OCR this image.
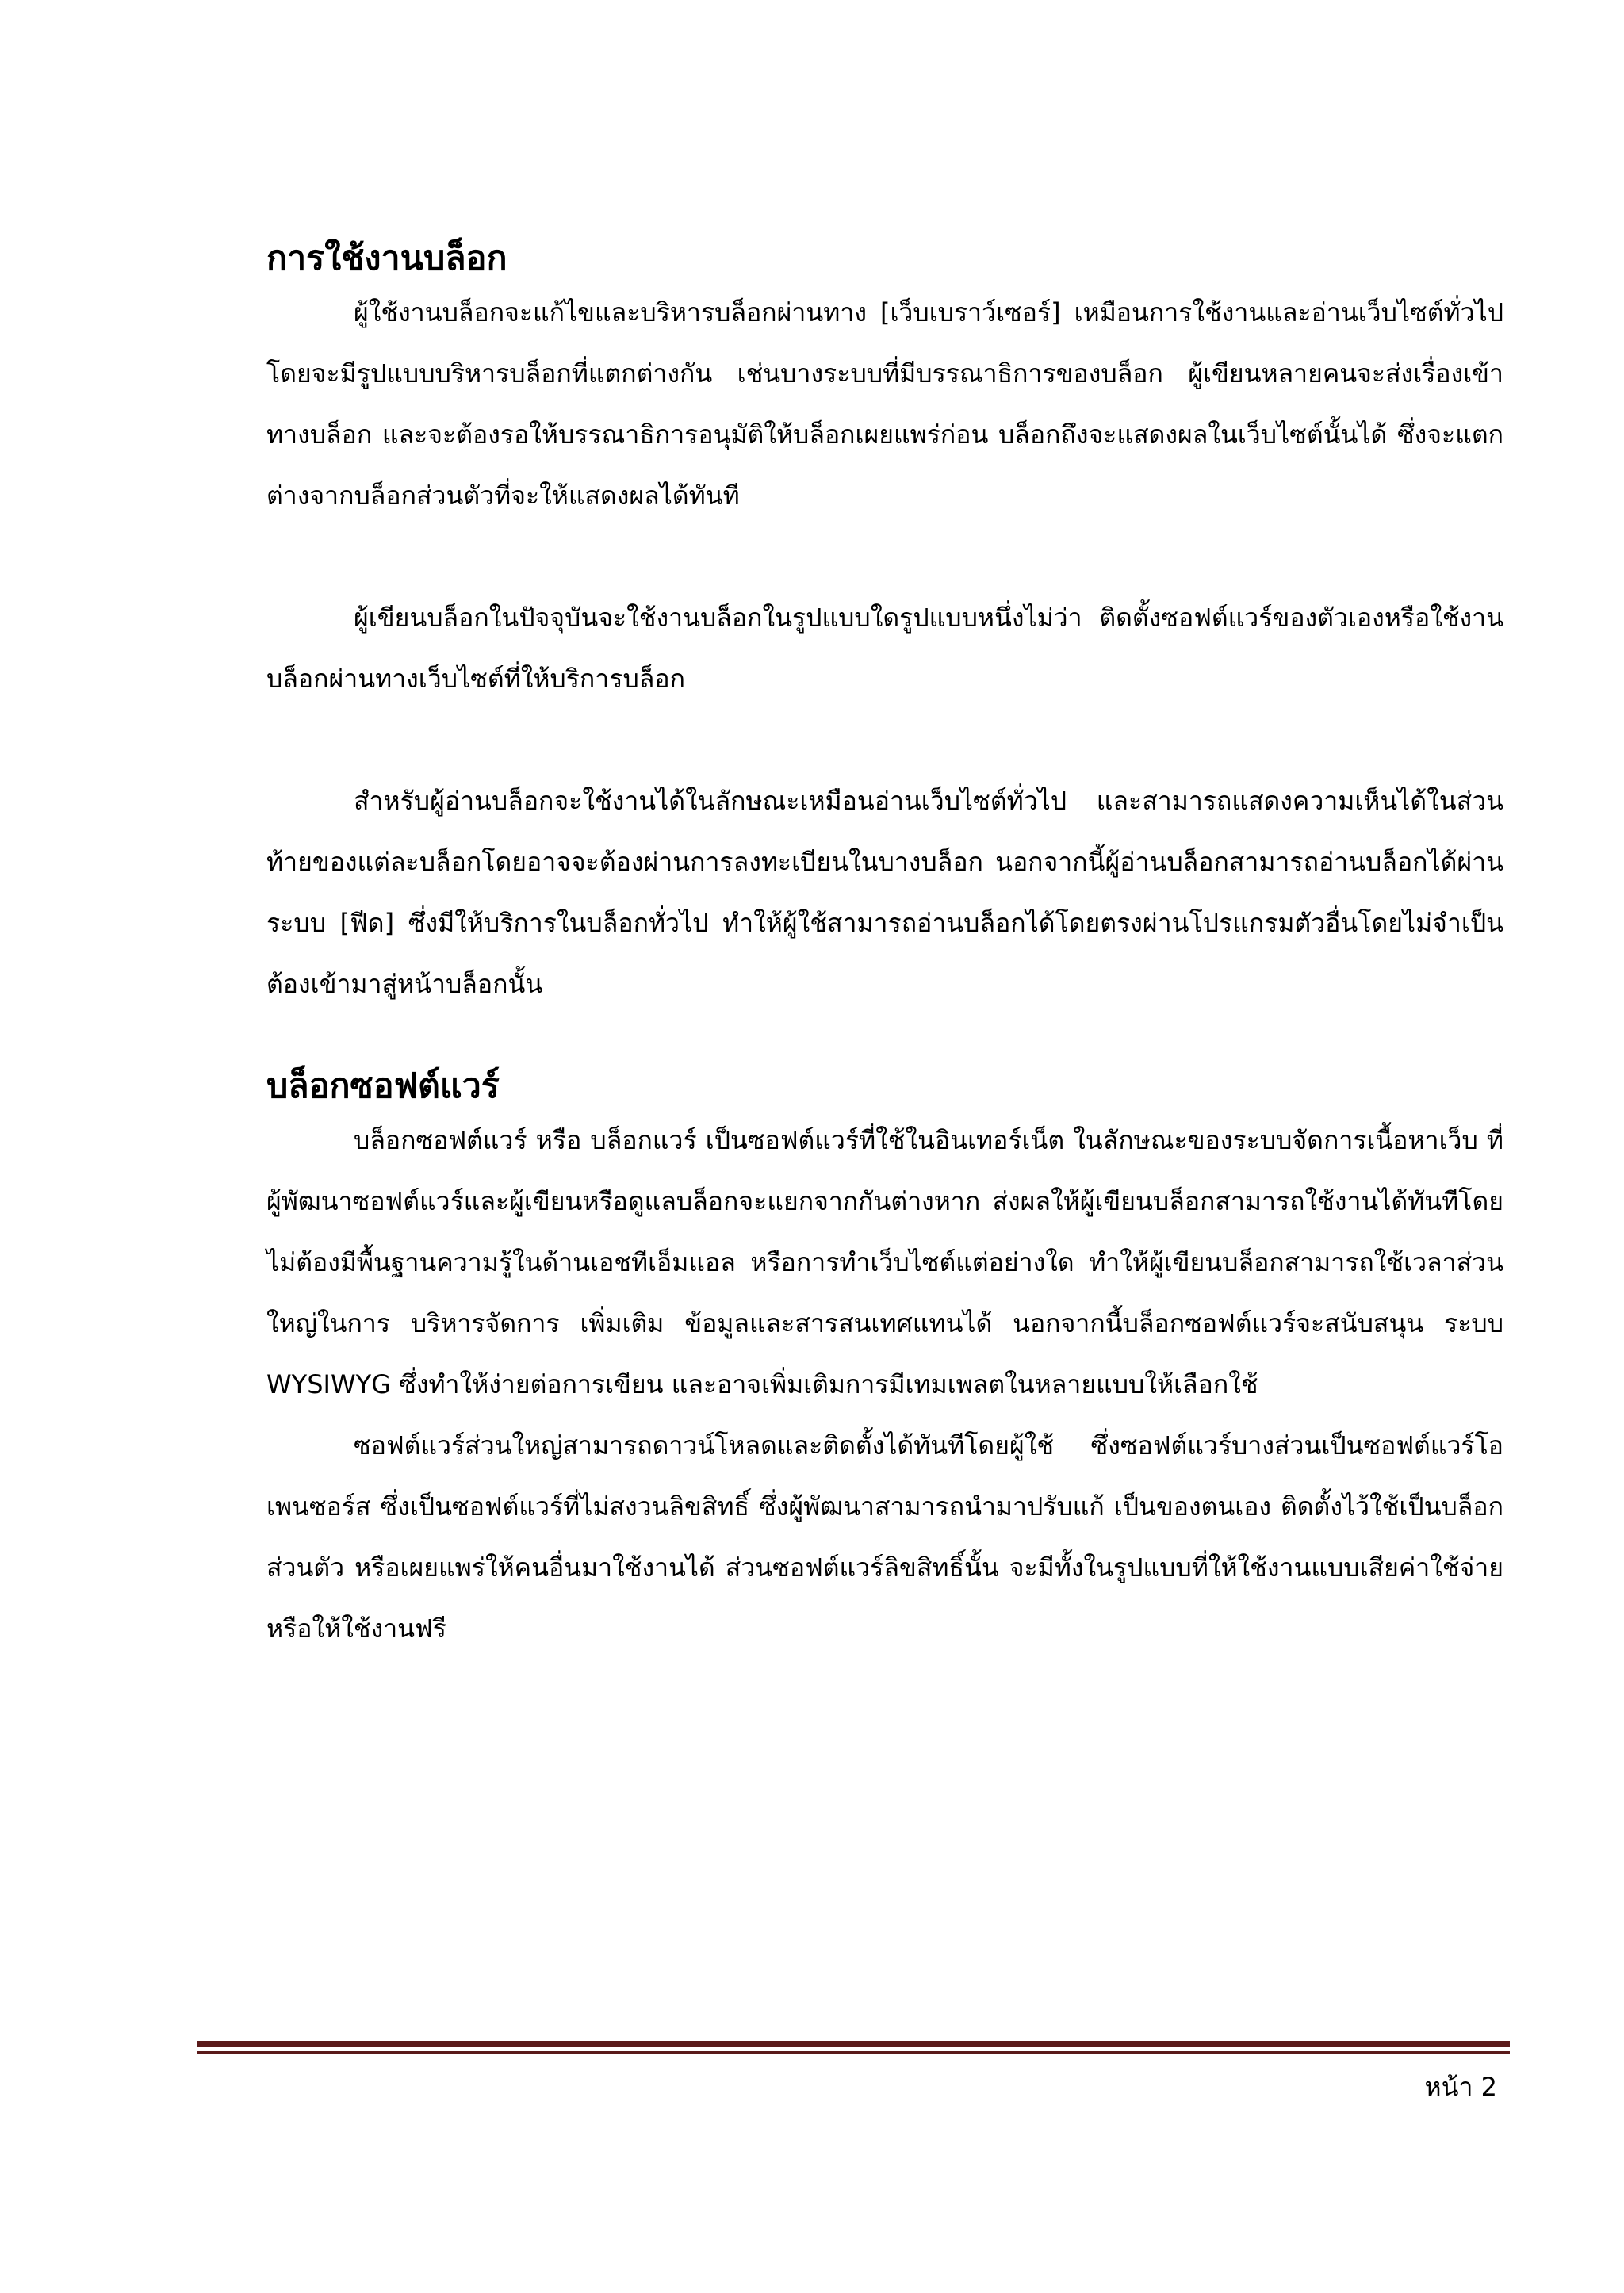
การใช้งานบล็อก

ผู้ใช้งานบล็อกจะแก้ไขและบริหารบล็อกผ่านทาง [เว็บเบราว์เซอร์] เหมือนการใช้งานและอ่านเว็บไซต์ทั่วไป โดยจะมีรูปแบบบริหารบล็อกที่แตกต่างกัน เช่นบางระบบที่มีบรรณาธิการของบล็อก ผู้เขียนหลายคนจะส่งเรื่องเข้าทางบล็อก และจะต้องรอให้บรรณาธิการอนุมัติให้บล็อกเผยแพร่ก่อน บล็อกถึงจะแสดงผลในเว็บไซต์นั้นได้ ซึ่งจะแตกต่างจากบล็อกส่วนตัวที่จะให้แสดงผลได้ทันที

ผู้เขียนบล็อกในปัจจุบันจะใช้งานบล็อกในรูปแบบใดรูปแบบหนึ่งไม่ว่า ติดตั้งซอฟต์แวร์ของตัวเองหรือใช้งานบล็อกผ่านทางเว็บไซต์ที่ให้บริการบล็อก

สำหรับผู้อ่านบล็อกจะใช้งานได้ในลักษณะเหมือนอ่านเว็บไซต์ทั่วไป และสามารถแสดงความเห็นได้ในส่วนท้ายของแต่ละบล็อกโดยอาจจะต้องผ่านการลงทะเบียนในบางบล็อก นอกจากนี้ผู้อ่านบล็อกสามารถอ่านบล็อกได้ผ่านระบบ [ฟีด] ซึ่งมีให้บริการในบล็อกทั่วไป ทำให้ผู้ใช้สามารถอ่านบล็อกได้โดยตรงผ่านโปรแกรมตัวอื่นโดยไม่จำเป็นต้องเข้ามาสู่หน้าบล็อกนั้น

บล็อกซอฟต์แวร์

บล็อกซอฟต์แวร์ หรือ บล็อกแวร์ เป็นซอฟต์แวร์ที่ใช้ในอินเทอร์เน็ต ในลักษณะของระบบจัดการเนื้อหาเว็บ ที่ผู้พัฒนาซอฟต์แวร์และผู้เขียนหรือดูแลบล็อกจะแยกจากกันต่างหาก ส่งผลให้ผู้เขียนบล็อกสามารถใช้งานได้ทันทีโดยไม่ต้องมีพื้นฐานความรู้ในด้านเอชทีเอ็มแอล หรือการทำเว็บไซต์แต่อย่างใด ทำให้ผู้เขียนบล็อกสามารถใช้เวลาส่วนใหญ่ในการ บริหารจัดการ เพิ่มเติม ข้อมูลและสารสนเทศแทนได้ นอกจากนี้บล็อกซอฟต์แวร์จะสนับสนุน ระบบ WYSIWYG ซึ่งทำให้ง่ายต่อการเขียน และอาจเพิ่มเติมการมีเทมเพลตในหลายแบบให้เลือกใช้

ซอฟต์แวร์ส่วนใหญ่สามารถดาวน์โหลดและติดตั้งได้ทันทีโดยผู้ใช้ ซึ่งซอฟต์แวร์บางส่วนเป็นซอฟต์แวร์โอเพนซอร์ส ซึ่งเป็นซอฟต์แวร์ที่ไม่สงวนลิขสิทธิ์ ซึ่งผู้พัฒนาสามารถนำมาปรับแก้ เป็นของตนเอง ติดตั้งไว้ใช้เป็นบล็อกส่วนตัว หรือเผยแพร่ให้คนอื่นมาใช้งานได้ ส่วนซอฟต์แวร์ลิขสิทธิ์นั้น จะมีทั้งในรูปแบบที่ให้ใช้งานแบบเสียค่าใช้จ่ายหรือให้ใช้งานฟรี

หน้า 2
